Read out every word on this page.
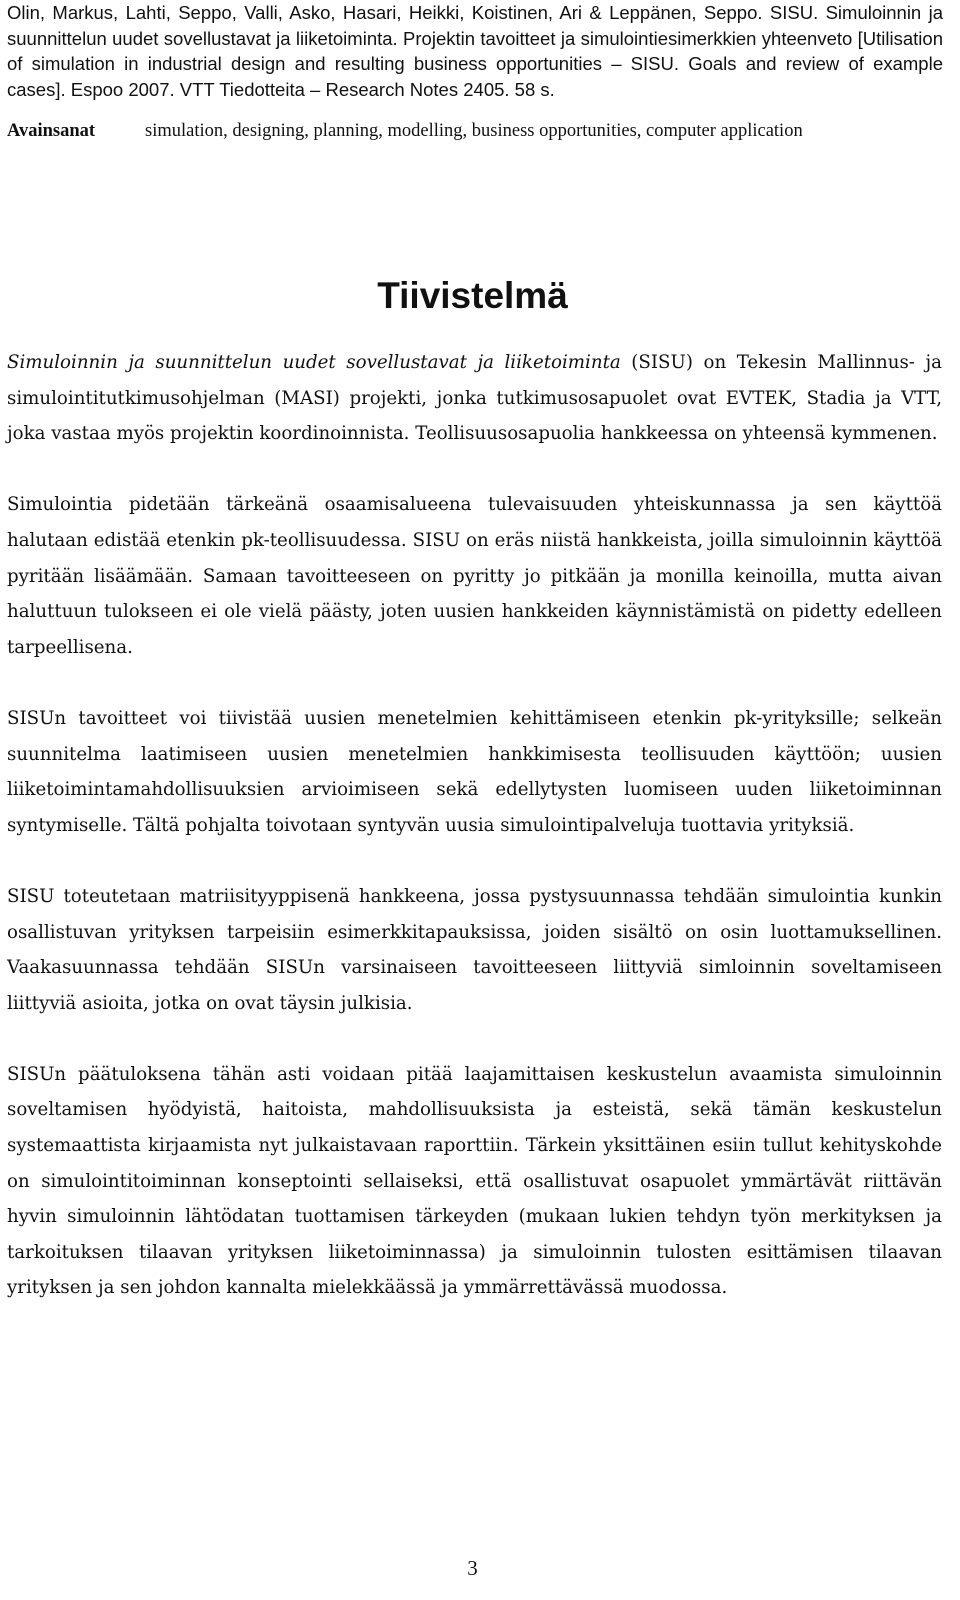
Olin, Markus, Lahti, Seppo, Valli, Asko, Hasari, Heikki, Koistinen, Ari & Leppänen, Seppo. SISU. Simuloinnin ja suunnittelun uudet sovellustavat ja liiketoiminta. Projektin tavoitteet ja simulointiesimerkkien yhteenveto [Utilisation of simulation in industrial design and resulting business opportunities – SISU. Goals and review of example cases]. Espoo 2007. VTT Tiedotteita – Research Notes 2405. 58 s.

Avainsanat	simulation, designing, planning, modelling, business opportunities, computer application
Tiivistelmä

Simuloinnin ja suunnittelun uudet sovellustavat ja liiketoiminta (SISU) on Tekesin Mallinnus- ja simulointitutkimusohjelman (MASI) projekti, jonka tutkimusosapuolet ovat EVTEK, Stadia ja VTT, joka vastaa myös projektin koordinoinnista. Teollisuusosapuolia hankkeessa on yhteensä kymmenen.

Simulointia pidetään tärkeänä osaamisalueena tulevaisuuden yhteiskunnassa ja sen käyttöä halutaan edistää etenkin pk-teollisuudessa. SISU on eräs niistä hankkeista, joilla simuloinnin käyttöä pyritään lisäämään. Samaan tavoitteeseen on pyritty jo pitkään ja monilla keinoilla, mutta aivan haluttuun tulokseen ei ole vielä päästy, joten uusien hankkeiden käynnistämistä on pidetty edelleen tarpeellisena.

SISUn tavoitteet voi tiivistää uusien menetelmien kehittämiseen etenkin pk-yrityksille; selkeän suunnitelma laatimiseen uusien menetelmien hankkimisesta teollisuuden käyttöön; uusien liiketoimintamahdollisuuksien arvioimiseen sekä edellytysten luomiseen uuden liiketoiminnan syntymiselle. Tältä pohjalta toivotaan syntyvän uusia simulointipalveluja tuottavia yrityksiä.

SISU toteutetaan matriisityyppisenä hankkeena, jossa pystysuunnassa tehdään simulointia kunkin osallistuvan yrityksen tarpeisiin esimerkkitapauksissa, joiden sisältö on osin luottamuksellinen. Vaakasuunnassa tehdään SISUn varsinaiseen tavoitteeseen liittyviä simloinnin soveltamiseen liittyviä asioita, jotka on ovat täysin julkisia.

SISUn päätuloksena tähän asti voidaan pitää laajamittaisen keskustelun avaamista simuloinnin soveltamisen hyödyistä, haitoista, mahdollisuuksista ja esteistä, sekä tämän keskustelun systemaattista kirjaamista nyt julkaistavaan raporttiin. Tärkein yksittäinen esiin tullut kehityskohde on simulointitoiminnan konseptointi sellaiseksi, että osallistuvat osapuolet ymmärtävät riittävän hyvin simuloinnin lähtödatan tuottamisen tärkeyden (mukaan lukien tehdyn työn merkityksen ja tarkoituksen tilaavan yrityksen liiketoiminnassa) ja simuloinnin tulosten esittämisen tilaavan yrityksen ja sen johdon kannalta mielekkäässä ja ymmärrettävässä muodossa.

3
